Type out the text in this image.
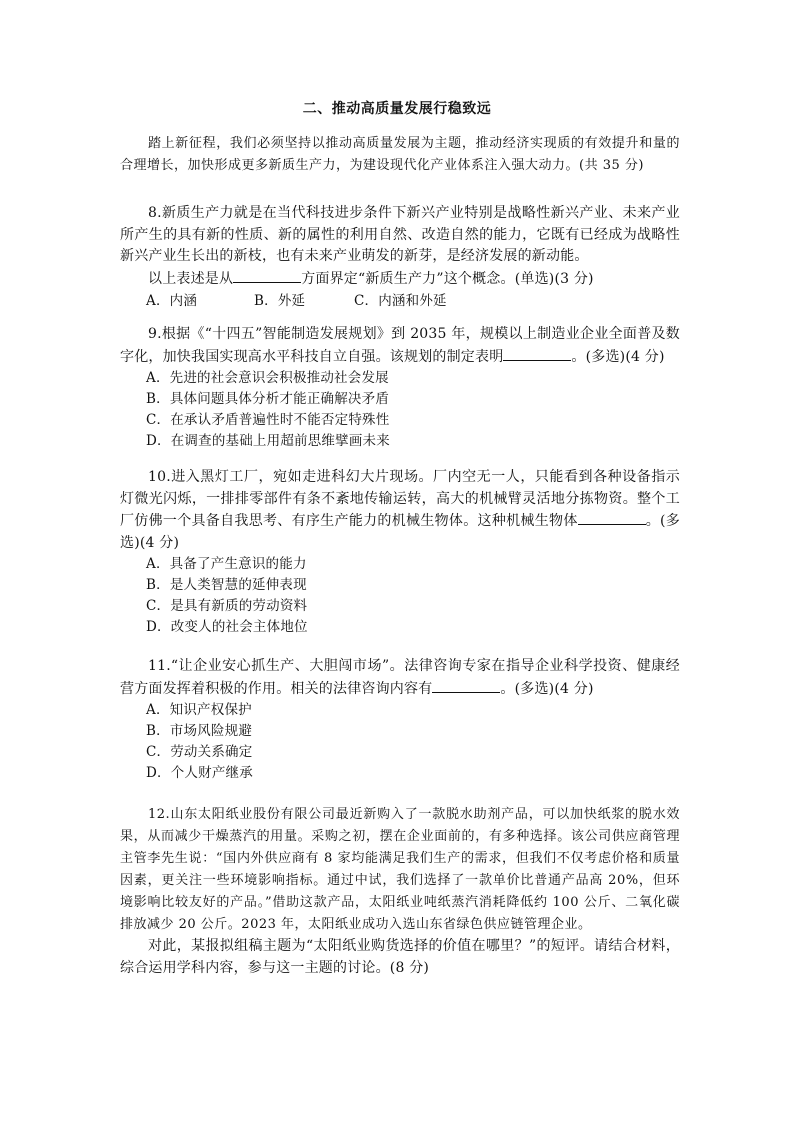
二、推动高质量发展行稳致远

踏上新征程，我们必须坚持以推动高质量发展为主题，推动经济实现质的有效提升和量的合理增长，加快形成更多新质生产力，为建设现代化产业体系注入强大动力。(共 35 分)

8.新质生产力就是在当代科技进步条件下新兴产业特别是战略性新兴产业、未来产业所产生的具有新的性质、新的属性的利用自然、改造自然的能力，它既有已经成为战略性新兴产业生长出的新枝，也有未来产业萌发的新芽，是经济发展的新动能。

以上表述是从	方面界定“新质生产力”这个概念。(单选)(3 分)

A．内涵	B．外延	C．内涵和外延

9.根据《“十四五”智能制造发展规划》到 2035 年，规模以上制造业企业全面普及数字化，加快我国实现高水平科技自立自强。该规划的制定表明	。(多选)(4 分)

A．先进的社会意识会积极推动社会发展
B．具体问题具体分析才能正确解决矛盾
C．在承认矛盾普遍性时不能否定特殊性
D．在调查的基础上用超前思维擘画未来

10.进入黑灯工厂，宛如走进科幻大片现场。厂内空无一人，只能看到各种设备指示灯微光闪烁，一排排零部件有条不紊地传输运转，高大的机械臂灵活地分拣物资。整个工厂仿佛一个具备自我思考、有序生产能力的机械生物体。这种机械生物体	。(多选)(4 分)

A．具备了产生意识的能力
B．是人类智慧的延伸表现
C．是具有新质的劳动资料
D．改变人的社会主体地位

11.“让企业安心抓生产、大胆闯市场”。法律咨询专家在指导企业科学投资、健康经营方面发挥着积极的作用。相关的法律咨询内容有	。(多选)(4 分)

A．知识产权保护
B．市场风险规避
C．劳动关系确定
D．个人财产继承

12.山东太阳纸业股份有限公司最近新购入了一款脱水助剂产品，可以加快纸浆的脱水效果，从而减少干燥蒸汽的用量。采购之初，摆在企业面前的，有多种选择。该公司供应商管理主管李先生说：“国内外供应商有 8 家均能满足我们生产的需求，但我们不仅考虑价格和质量因素，更关注一些环境影响指标。通过中试，我们选择了一款单价比普通产品高 20%，但环境影响比较友好的产品。”借助这款产品，太阳纸业吨纸蒸汽消耗降低约 100 公斤、二氧化碳排放减少 20 公斤。2023 年，太阳纸业成功入选山东省绿色供应链管理企业。

对此，某报拟组稿主题为“太阳纸业购货选择的价值在哪里？”的短评。请结合材料，综合运用学科内容，参与这一主题的讨论。(8 分)
